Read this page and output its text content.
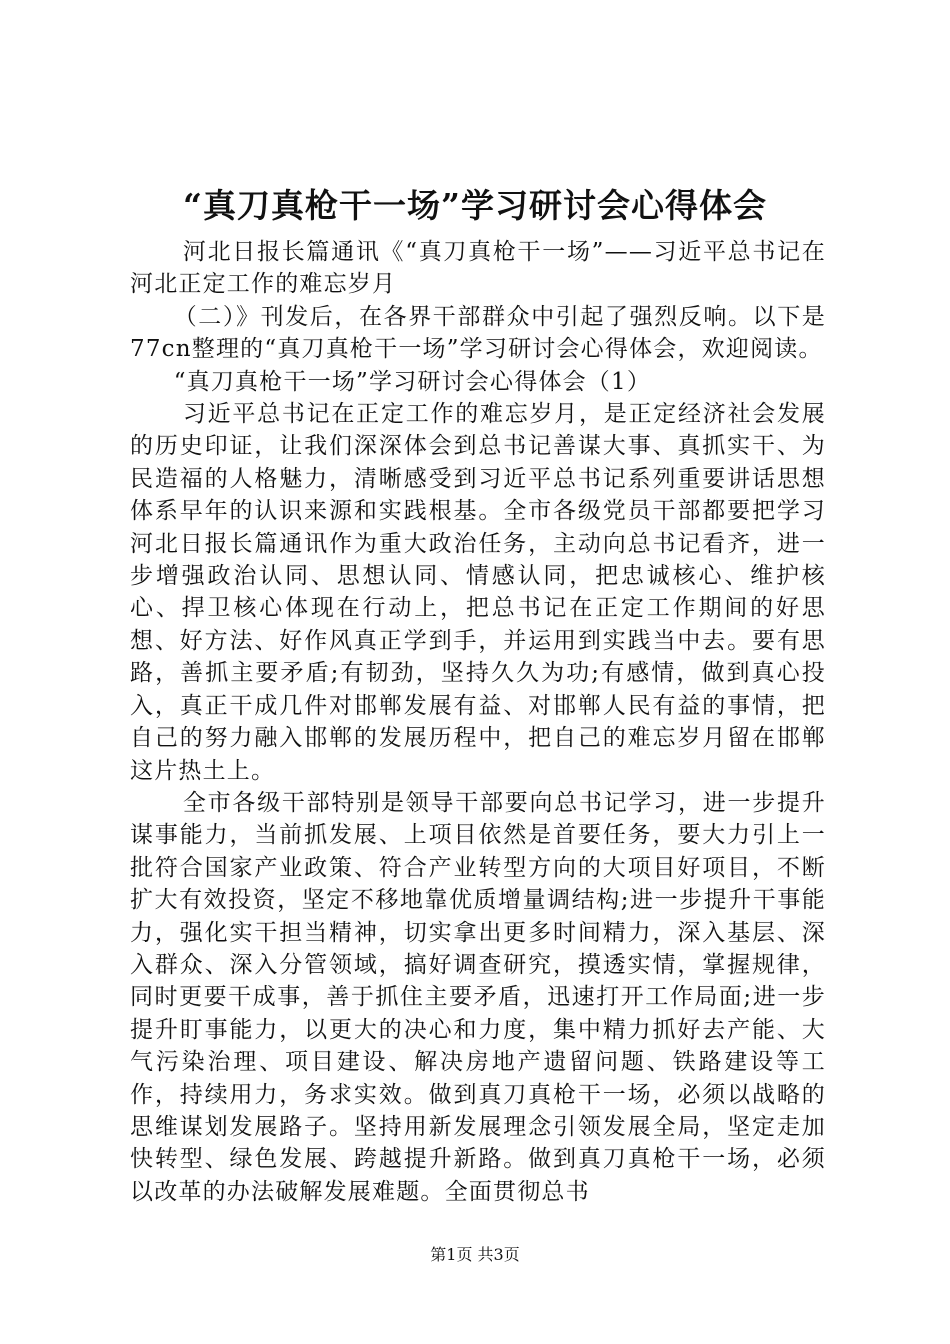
“真刀真枪干一场”学习研讨会心得体会

河北日报长篇通讯《“真刀真枪干一场”——习近平总书记在河北正定工作的难忘岁月

（二）》刊发后，在各界干部群众中引起了强烈反响。以下是77cn整理的“真刀真枪干一场”学习研讨会心得体会，欢迎阅读。

“真刀真枪干一场”学习研讨会心得体会（1）

习近平总书记在正定工作的难忘岁月，是正定经济社会发展的历史印证，让我们深深体会到总书记善谋大事、真抓实干、为民造福的人格魅力，清晰感受到习近平总书记系列重要讲话思想体系早年的认识来源和实践根基。全市各级党员干部都要把学习河北日报长篇通讯作为重大政治任务，主动向总书记看齐，进一步增强政治认同、思想认同、情感认同，把忠诚核心、维护核心、捍卫核心体现在行动上，把总书记在正定工作期间的好思想、好方法、好作风真正学到手，并运用到实践当中去。要有思路，善抓主要矛盾;有韧劲，坚持久久为功;有感情，做到真心投入，真正干成几件对邯郸发展有益、对邯郸人民有益的事情，把自己的努力融入邯郸的发展历程中，把自己的难忘岁月留在邯郸这片热土上。

全市各级干部特别是领导干部要向总书记学习，进一步提升谋事能力，当前抓发展、上项目依然是首要任务，要大力引上一批符合国家产业政策、符合产业转型方向的大项目好项目，不断扩大有效投资，坚定不移地靠优质增量调结构;进一步提升干事能力，强化实干担当精神，切实拿出更多时间精力，深入基层、深入群众、深入分管领域，搞好调查研究，摸透实情，掌握规律，同时更要干成事，善于抓住主要矛盾，迅速打开工作局面;进一步提升盯事能力，以更大的决心和力度，集中精力抓好去产能、大气污染治理、项目建设、解决房地产遗留问题、铁路建设等工作，持续用力，务求实效。做到真刀真枪干一场，必须以战略的思维谋划发展路子。坚持用新发展理念引领发展全局，坚定走加快转型、绿色发展、跨越提升新路。做到真刀真枪干一场，必须以改革的办法破解发展难题。全面贯彻总书

第1页 共3页
